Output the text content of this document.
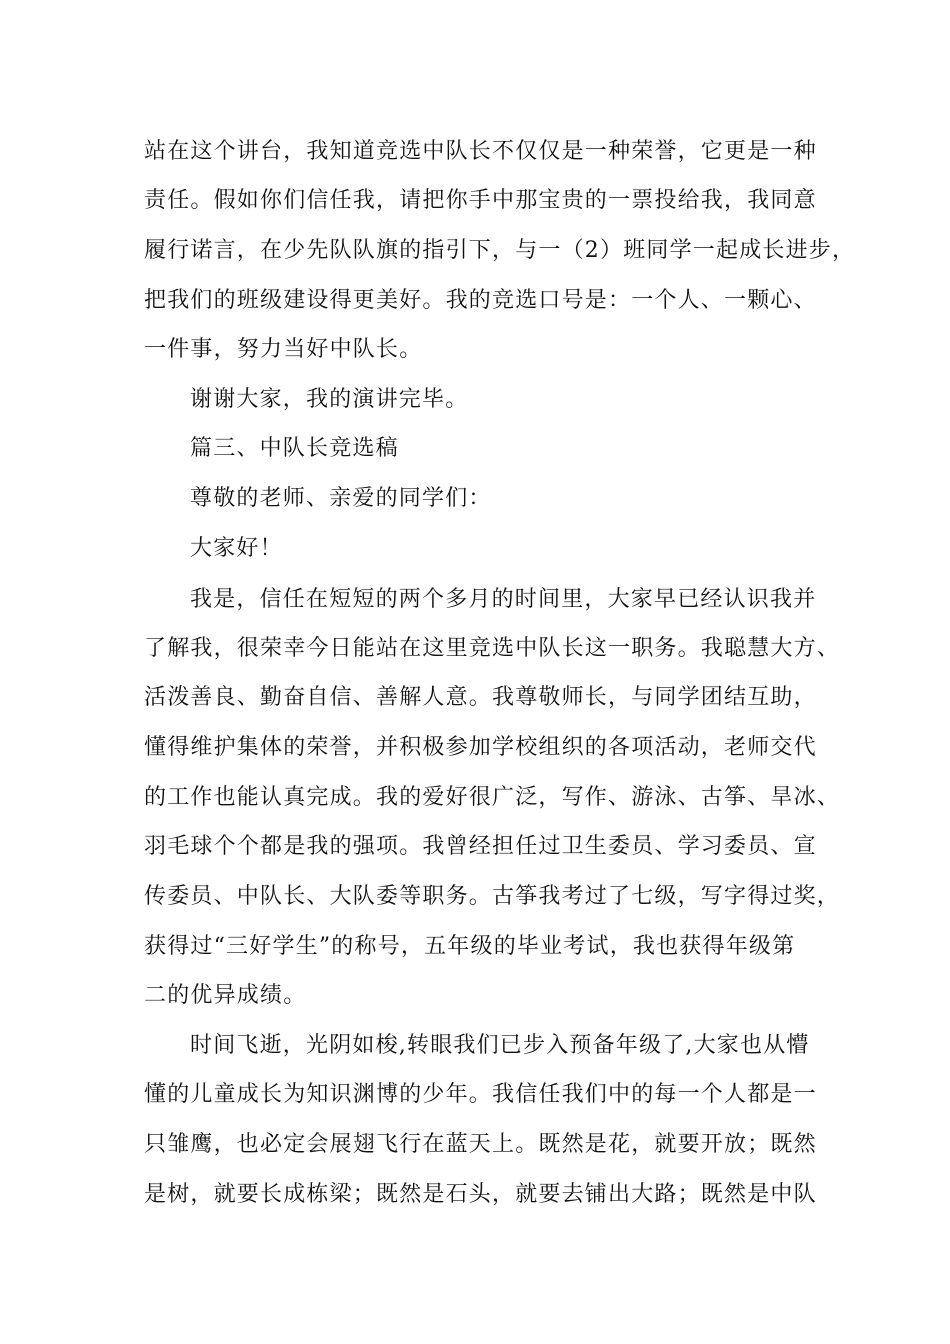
站在这个讲台，我知道竞选中队长不仅仅是一种荣誉，它更是一种
责任。假如你们信任我，请把你手中那宝贵的一票投给我，我同意
履行诺言，在少先队队旗的指引下，与一（2）班同学一起成长进步，
把我们的班级建设得更美好。我的竞选口号是：一个人、一颗心、
一件事，努力当好中队长。
谢谢大家，我的演讲完毕。
篇三、中队长竞选稿
尊敬的老师、亲爱的同学们：
大家好！
我是，信任在短短的两个多月的时间里，大家早已经认识我并
了解我，很荣幸今日能站在这里竞选中队长这一职务。我聪慧大方、
活泼善良、勤奋自信、善解人意。我尊敬师长，与同学团结互助，
懂得维护集体的荣誉，并积极参加学校组织的各项活动，老师交代
的工作也能认真完成。我的爱好很广泛，写作、游泳、古筝、旱冰、
羽毛球个个都是我的强项。我曾经担任过卫生委员、学习委员、宣
传委员、中队长、大队委等职务。古筝我考过了七级，写字得过奖，
获得过“三好学生”的称号，五年级的毕业考试，我也获得年级第
二的优异成绩。
时间飞逝，光阴如梭,转眼我们已步入预备年级了,大家也从懵
懂的儿童成长为知识渊博的少年。我信任我们中的每一个人都是一
只雏鹰，也必定会展翅飞行在蓝天上。既然是花，就要开放；既然
是树，就要长成栋梁；既然是石头，就要去铺出大路；既然是中队
